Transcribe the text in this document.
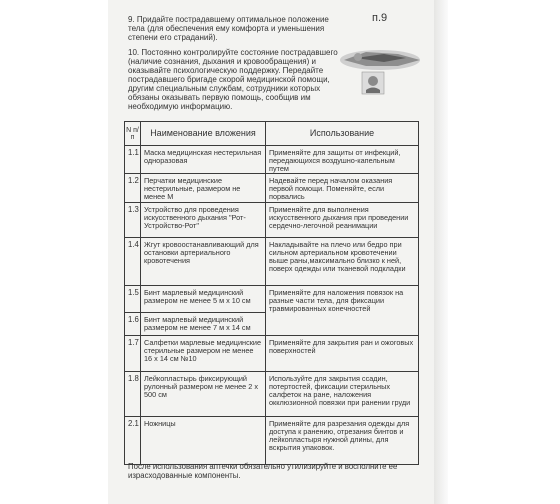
9. Придайте пострадавшему оптимальное положение тела (для обеспечения ему комфорта и уменьшения степени его страданий).
п.9
10. Постоянно контролируйте состояние пострадавшего (наличие сознания, дыхания и кровообращения) и оказывайте психологическую поддержку. Передайте пострадавшего бригаде скорой медицинской помощи, другим специальным службам, сотрудники которых обязаны оказывать первую помощь, сообщив им необходимую информацию.
N п/п	Наименование вложения	Использование
1.1	Маска медицинская нестерильная одноразовая	Применяйте для защиты от инфекций, передающихся воздушно-капельным путем
1.2	Перчатки медицинские нестерильные, размером не менее М	Надевайте перед началом оказания первой помощи. Поменяйте, если порвались
1.3	Устройство для проведения искусственного дыхания "Рот-Устройство-Рот"	Применяйте для выполнения искусственного дыхания при проведении сердечно-легочной реанимации
1.4	Жгут кровоостанавливающий для остановки артериального кровотечения	Накладывайте на плечо или бедро при сильном артериальном кровотечении выше раны,максимально близко к ней, поверх одежды или тканевой подкладки
1.5	Бинт марлевый медицинский размером не менее 5 м х 10 см	Применяйте для наложения повязок на разные части тела, для фиксации травмированных конечностей
1.6	Бинт марлевый медицинский размером не менее 7 м х 14 см	
1.7	Салфетки марлевые медицинские стерильные размером не менее 16 х 14 см №10	Применяйте для закрытия ран и ожоговых поверхностей
1.8	Лейкопластырь фиксирующий рулонный размером не менее 2 х 500 см	Используйте для закрытия ссадин, потертостей, фиксации стерильных салфеток на ране, наложения окклюзионной повязки при ранении груди
2.1	Ножницы	Применяйте для разрезания одежды для доступа к ранению, отрезания бинтов и лейкопластыря нужной длины, для вскрытия упаковок.
После использования аптечки обязательно утилизируйте и восполните ее израсходованные компоненты.
